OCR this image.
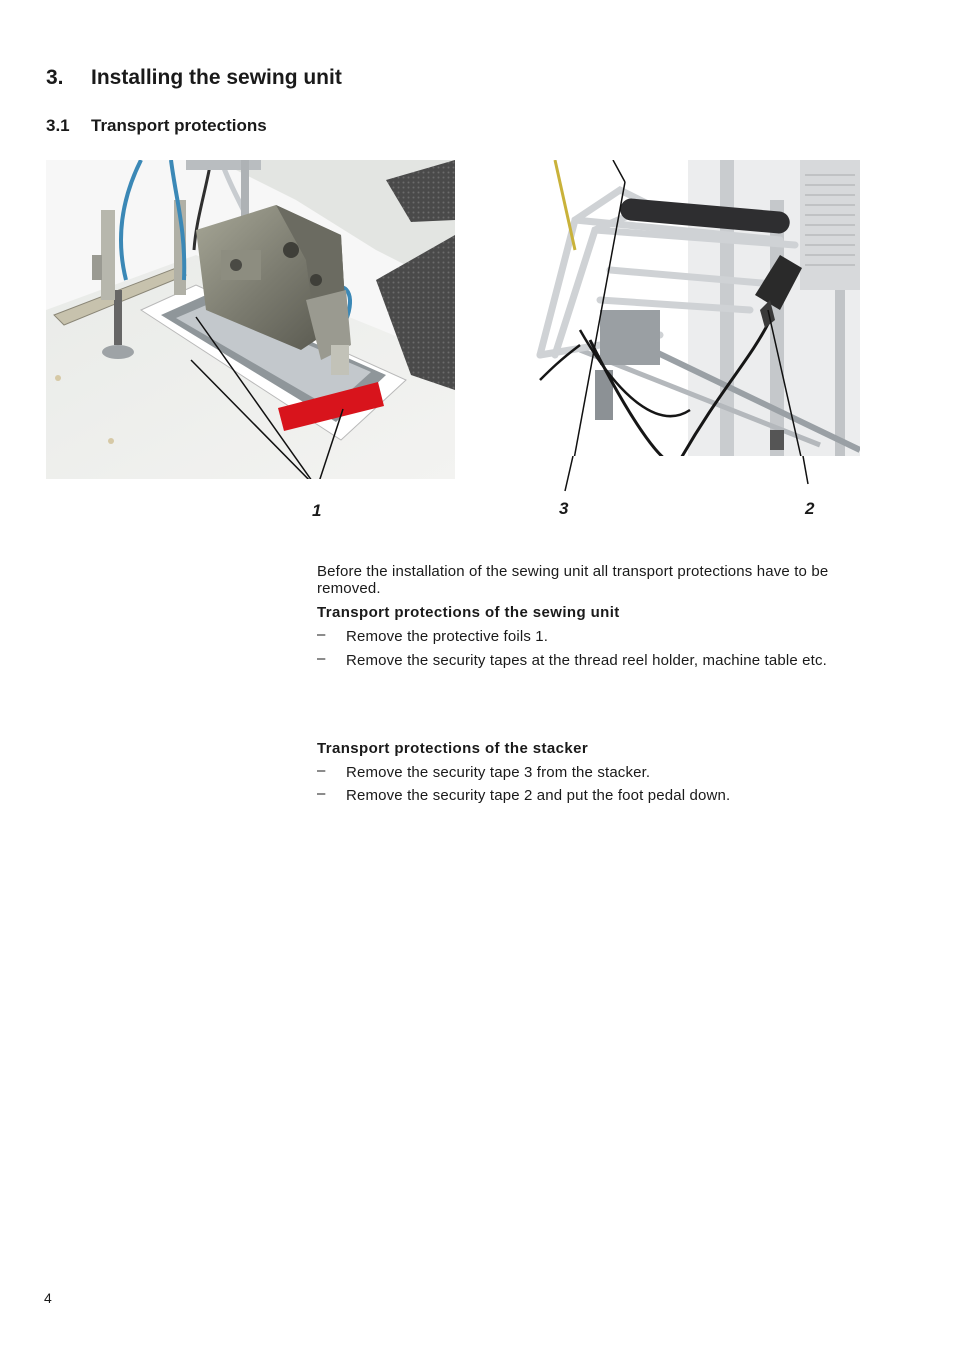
3. Installing the sewing unit
3.1 Transport protections
1	3	2
Before the installation of the sewing unit all transport protections have to be removed.
Transport protections of the sewing unit
– Remove the protective foils 1.
– Remove the security tapes at the thread reel holder, machine table etc.
Transport protections of the stacker
– Remove the security tape 3 from the stacker.
– Remove the security tape 2 and put the foot pedal down.
4
